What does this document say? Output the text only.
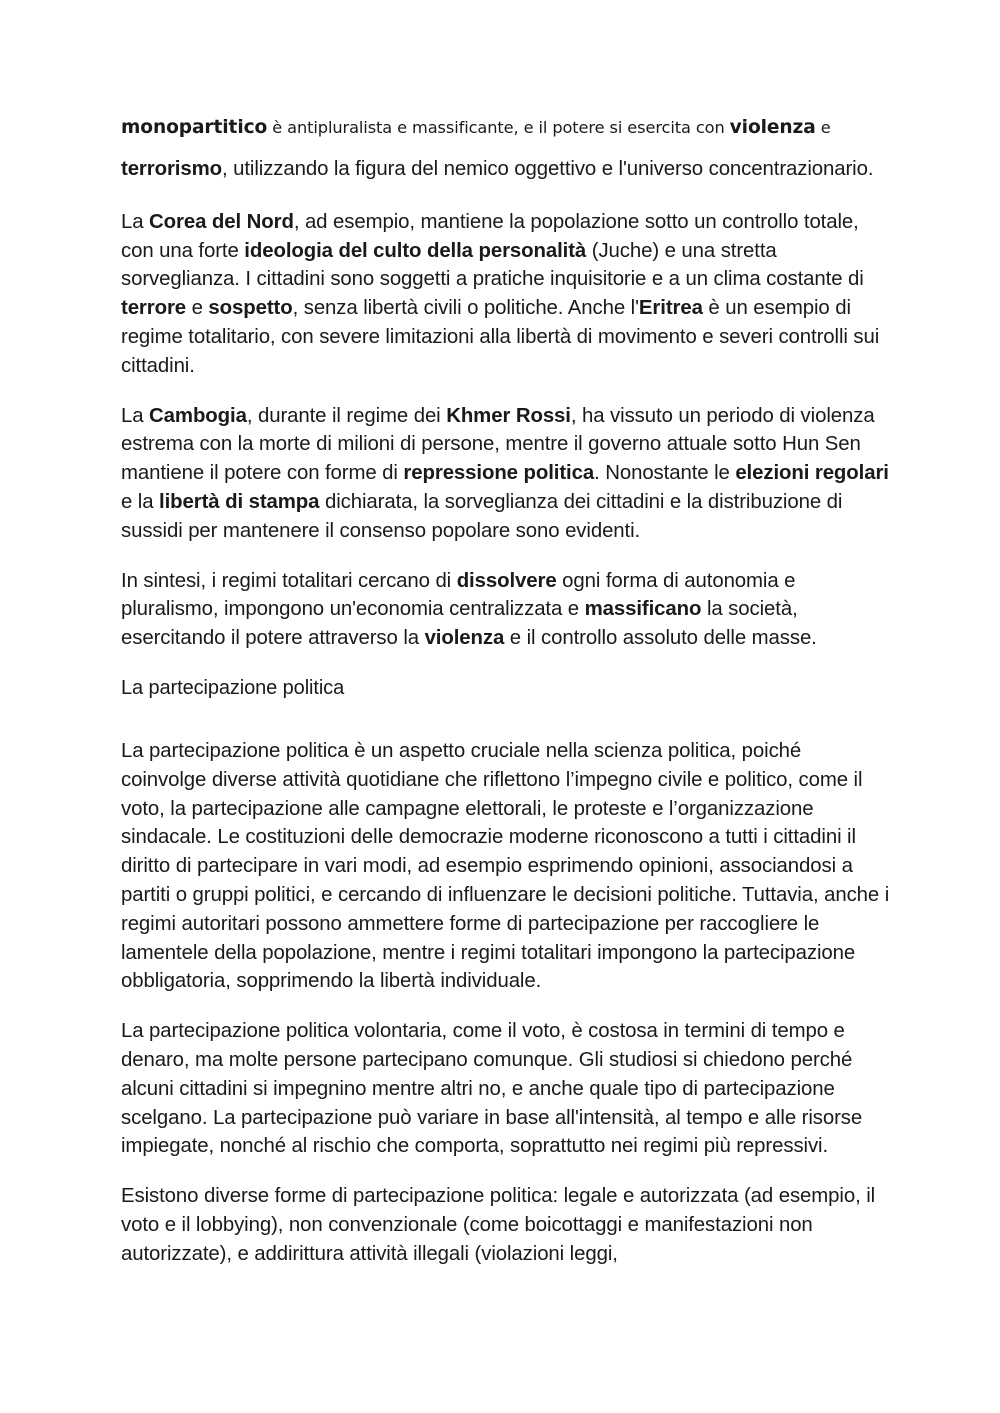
monopartitico è antipluralista e massificante, e il potere si esercita con violenza e

terrorismo, utilizzando la figura del nemico oggettivo e l'universo concentrazionario.

La Corea del Nord, ad esempio, mantiene la popolazione sotto un controllo totale, con una forte ideologia del culto della personalità (Juche) e una stretta sorveglianza. I cittadini sono soggetti a pratiche inquisitorie e a un clima costante di terrore e sospetto, senza libertà civili o politiche. Anche l'Eritrea è un esempio di regime totalitario, con severe limitazioni alla libertà di movimento e severi controlli sui cittadini.

La Cambogia, durante il regime dei Khmer Rossi, ha vissuto un periodo di violenza estrema con la morte di milioni di persone, mentre il governo attuale sotto Hun Sen mantiene il potere con forme di repressione politica. Nonostante le elezioni regolari e la libertà di stampa dichiarata, la sorveglianza dei cittadini e la distribuzione di sussidi per mantenere il consenso popolare sono evidenti.

In sintesi, i regimi totalitari cercano di dissolvere ogni forma di autonomia e pluralismo, impongono un'economia centralizzata e massificano la società, esercitando il potere attraverso la violenza e il controllo assoluto delle masse.

La partecipazione politica

La partecipazione politica è un aspetto cruciale nella scienza politica, poiché coinvolge diverse attività quotidiane che riflettono l’impegno civile e politico, come il voto, la partecipazione alle campagne elettorali, le proteste e l’organizzazione sindacale. Le costituzioni delle democrazie moderne riconoscono a tutti i cittadini il diritto di partecipare in vari modi, ad esempio esprimendo opinioni, associandosi a partiti o gruppi politici, e cercando di influenzare le decisioni politiche. Tuttavia, anche i regimi autoritari possono ammettere forme di partecipazione per raccogliere le lamentele della popolazione, mentre i regimi totalitari impongono la partecipazione obbligatoria, sopprimendo la libertà individuale.

La partecipazione politica volontaria, come il voto, è costosa in termini di tempo e denaro, ma molte persone partecipano comunque. Gli studiosi si chiedono perché alcuni cittadini si impegnino mentre altri no, e anche quale tipo di partecipazione scelgano. La partecipazione può variare in base all'intensità, al tempo e alle risorse impiegate, nonché al rischio che comporta, soprattutto nei regimi più repressivi.

Esistono diverse forme di partecipazione politica: legale e autorizzata (ad esempio, il voto e il lobbying), non convenzionale (come boicottaggi e manifestazioni non autorizzate), e addirittura attività illegali (violazioni leggi,
